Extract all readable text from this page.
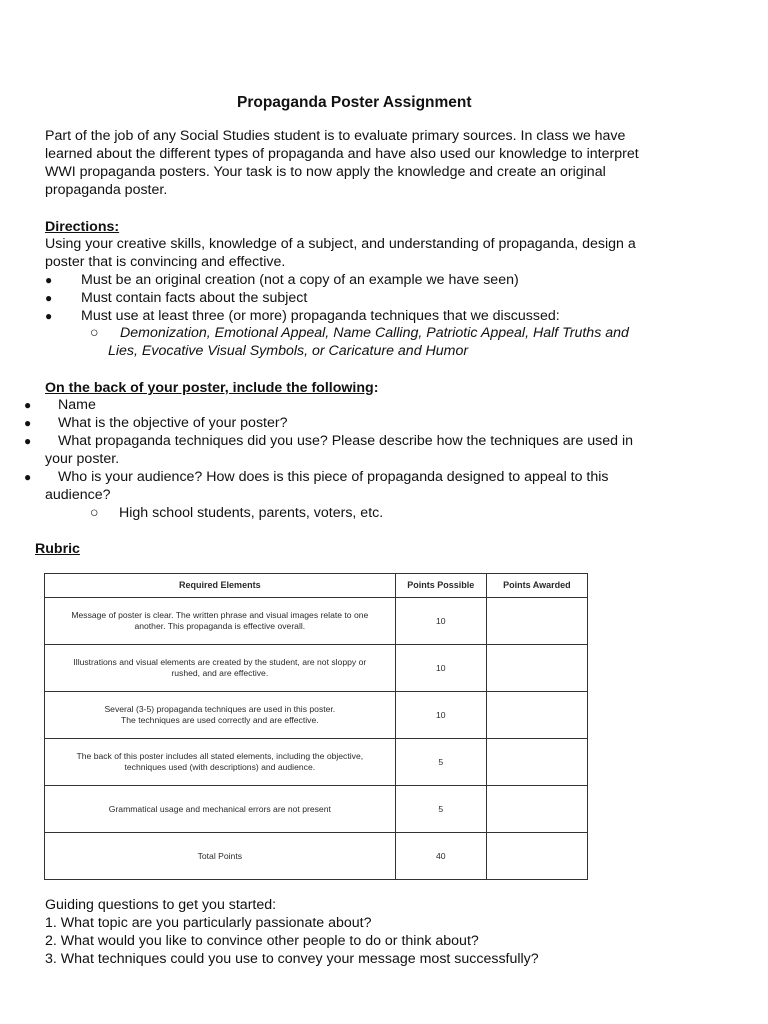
Propaganda Poster Assignment
Part of the job of any Social Studies student is to evaluate primary sources. In class we have
learned about the different types of propaganda and have also used our knowledge to interpret
WWI propaganda posters. Your task is to now apply the knowledge and create an original
propaganda poster.
Directions:
Using your creative skills, knowledge of a subject, and understanding of propaganda, design a
poster that is convincing and effective.
● Must be an original creation (not a copy of an example we have seen)
● Must contain facts about the subject
● Must use at least three (or more) propaganda techniques that we discussed:
○ Demonization, Emotional Appeal, Name Calling, Patriotic Appeal, Half Truths and
Lies, Evocative Visual Symbols, or Caricature and Humor
On the back of your poster, include the following:
● Name
● What is the objective of your poster?
● What propaganda techniques did you use? Please describe how the techniques are used in
your poster.
● Who is your audience? How does is this piece of propaganda designed to appeal to this
audience?
○ High school students, parents, voters, etc.
Rubric
Required Elements	Points Possible	Points Awarded

Message of poster is clear. The written phrase and visual images relate to one
another. This propaganda is effective overall.	10	

Illustrations and visual elements are created by the student, are not sloppy or
rushed, and are effective.	10	

Several (3-5) propaganda techniques are used in this poster.
The techniques are used correctly and are effective.	10	

The back of this poster includes all stated elements, including the objective,
techniques used (with descriptions) and audience.	5	

Grammatical usage and mechanical errors are not present	5	
Total Points	40	
Guiding questions to get you started:
1. What topic are you particularly passionate about?
2. What would you like to convince other people to do or think about?
3. What techniques could you use to convey your message most successfully?
